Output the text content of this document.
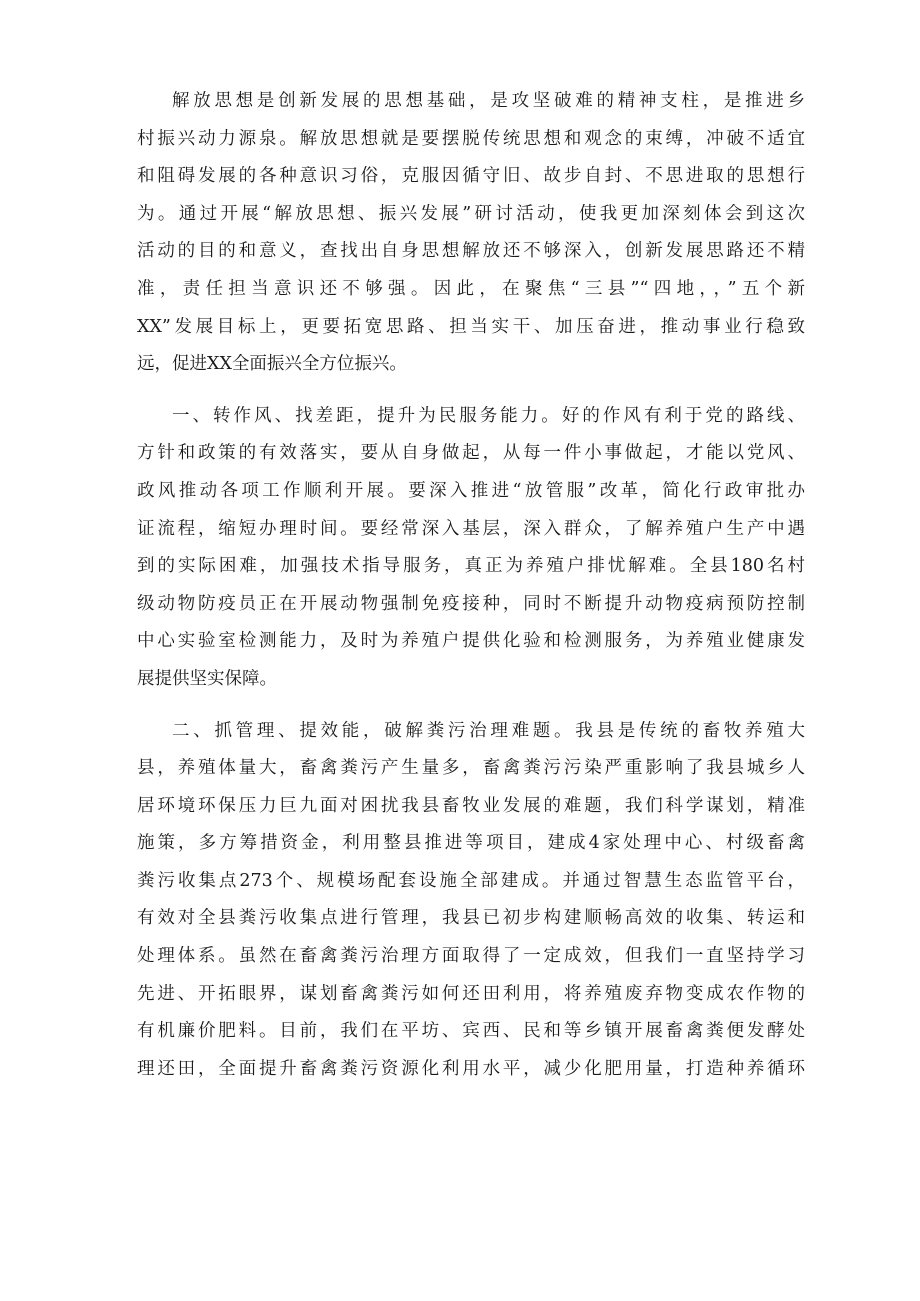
解放思想是创新发展的思想基础，是攻坚破难的精神支柱，是推进乡
村振兴动力源泉。解放思想就是要摆脱传统思想和观念的束缚，冲破不适宜
和阻碍发展的各种意识习俗，克服因循守旧、故步自封、不思进取的思想行
为。通过开展“解放思想、振兴发展”研讨活动，使我更加深刻体会到这次
活动的目的和意义，查找出自身思想解放还不够深入，创新发展思路还不精
准，责任担当意识还不够强。因此，在聚焦“三县”“四地，，”五个新
XX”发展目标上，更要拓宽思路、担当实干、加压奋进，推动事业行稳致
远，促进XX全面振兴全方位振兴。
一、转作风、找差距，提升为民服务能力。好的作风有利于党的路线、
方针和政策的有效落实，要从自身做起，从每一件小事做起，才能以党风、
政风推动各项工作顺利开展。要深入推进“放管服”改革，简化行政审批办
证流程，缩短办理时间。要经常深入基层，深入群众，了解养殖户生产中遇
到的实际困难，加强技术指导服务，真正为养殖户排忧解难。全县180名村
级动物防疫员正在开展动物强制免疫接种，同时不断提升动物疫病预防控制
中心实验室检测能力，及时为养殖户提供化验和检测服务，为养殖业健康发
展提供坚实保障。
二、抓管理、提效能，破解粪污治理难题。我县是传统的畜牧养殖大
县，养殖体量大，畜禽粪污产生量多，畜禽粪污污染严重影响了我县城乡人
居环境环保压力巨九面对困扰我县畜牧业发展的难题，我们科学谋划，精准
施策，多方筹措资金，利用整县推进等项目，建成4家处理中心、村级畜禽
粪污收集点273个、规模场配套设施全部建成。并通过智慧生态监管平台，
有效对全县粪污收集点进行管理，我县已初步构建顺畅高效的收集、转运和
处理体系。虽然在畜禽粪污治理方面取得了一定成效，但我们一直坚持学习
先进、开拓眼界，谋划畜禽粪污如何还田利用，将养殖废弃物变成农作物的
有机廉价肥料。目前，我们在平坊、宾西、民和等乡镇开展畜禽粪便发酵处
理还田，全面提升畜禽粪污资源化利用水平，减少化肥用量，打造种养循环
